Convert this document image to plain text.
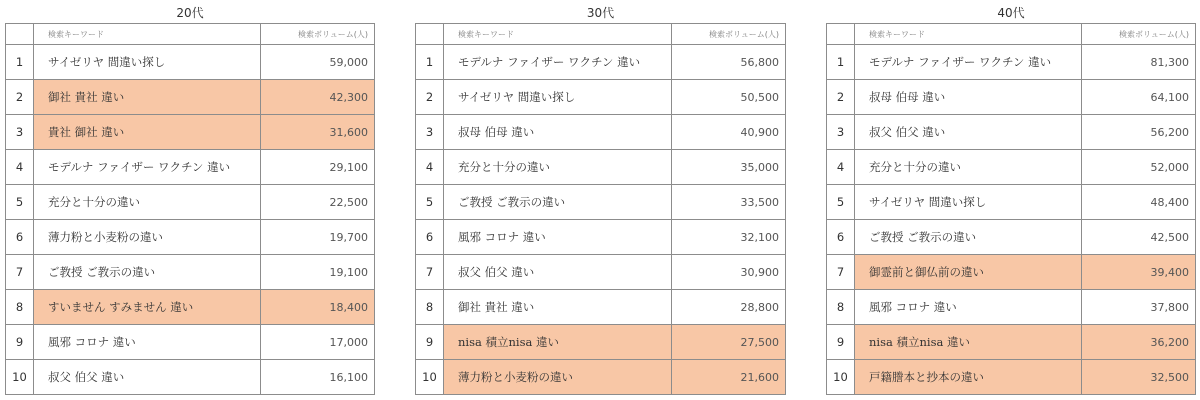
20代
	検索キーワード	検索ボリューム(人)
1	サイゼリヤ 間違い探し	59,000
2	御社 貴社 違い	42,300
3	貴社 御社 違い	31,600
4	モデルナ ファイザー ワクチン 違い	29,100
5	充分と十分の違い	22,500
6	薄力粉と小麦粉の違い	19,700
7	ご教授 ご教示の違い	19,100
8	すいません すみません 違い	18,400
9	風邪 コロナ 違い	17,000
10	叔父 伯父 違い	16,100
30代
	検索キーワード	検索ボリューム(人)
1	モデルナ ファイザー ワクチン 違い	56,800
2	サイゼリヤ 間違い探し	50,500
3	叔母 伯母 違い	40,900
4	充分と十分の違い	35,000
5	ご教授 ご教示の違い	33,500
6	風邪 コロナ 違い	32,100
7	叔父 伯父 違い	30,900
8	御社 貴社 違い	28,800
9	nisa 積立nisa 違い	27,500
10	薄力粉と小麦粉の違い	21,600
40代
	検索キーワード	検索ボリューム(人)
1	モデルナ ファイザー ワクチン 違い	81,300
2	叔母 伯母 違い	64,100
3	叔父 伯父 違い	56,200
4	充分と十分の違い	52,000
5	サイゼリヤ 間違い探し	48,400
6	ご教授 ご教示の違い	42,500
7	御霊前と御仏前の違い	39,400
8	風邪 コロナ 違い	37,800
9	nisa 積立nisa 違い	36,200
10	戸籍謄本と抄本の違い	32,500
